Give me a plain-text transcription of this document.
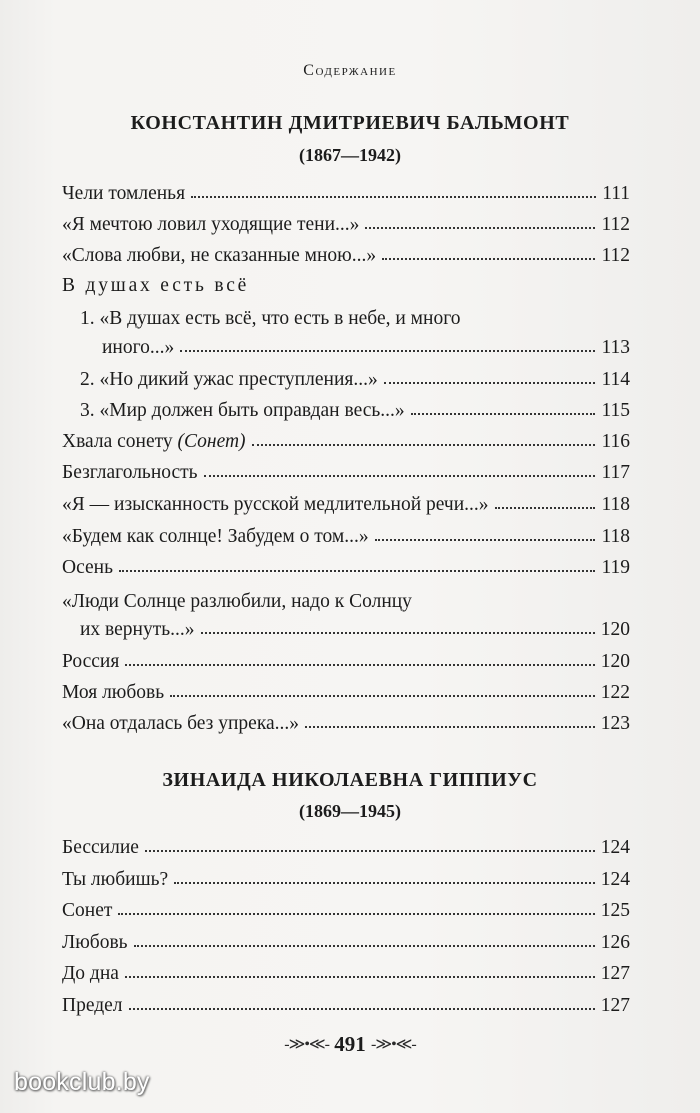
Содержание
КОНСТАНТИН ДМИТРИЕВИЧ БАЛЬМОНТ
(1867—1942)
Чели томленья	111
«Я мечтою ловил уходящие тени...»	112
«Слова любви, не сказанные мною...»	112
В душах есть всё
1. «В душах есть всё, что есть в небе, и много
иного...»	113
2. «Но дикий ужас преступления...»	114
3. «Мир должен быть оправдан весь...»	115
Хвала сонету (Сонет)	116
Безглагольность	117
«Я — изысканность русской медлительной речи...»	118
«Будем как солнце! Забудем о том...»	118
Осень	119
«Люди Солнце разлюбили, надо к Солнцу
их вернуть...»	120
Россия	120
Моя любовь	122
«Она отдалась без упрека...»	123
ЗИНАИДА НИКОЛАЕВНА ГИППИУС
(1869—1945)
Бессилие	124
Ты любишь?	124
Сонет	125
Любовь	126
До дна	127
Предел	127
-≫•≪- 491 -≫•≪-
bookclub.by
